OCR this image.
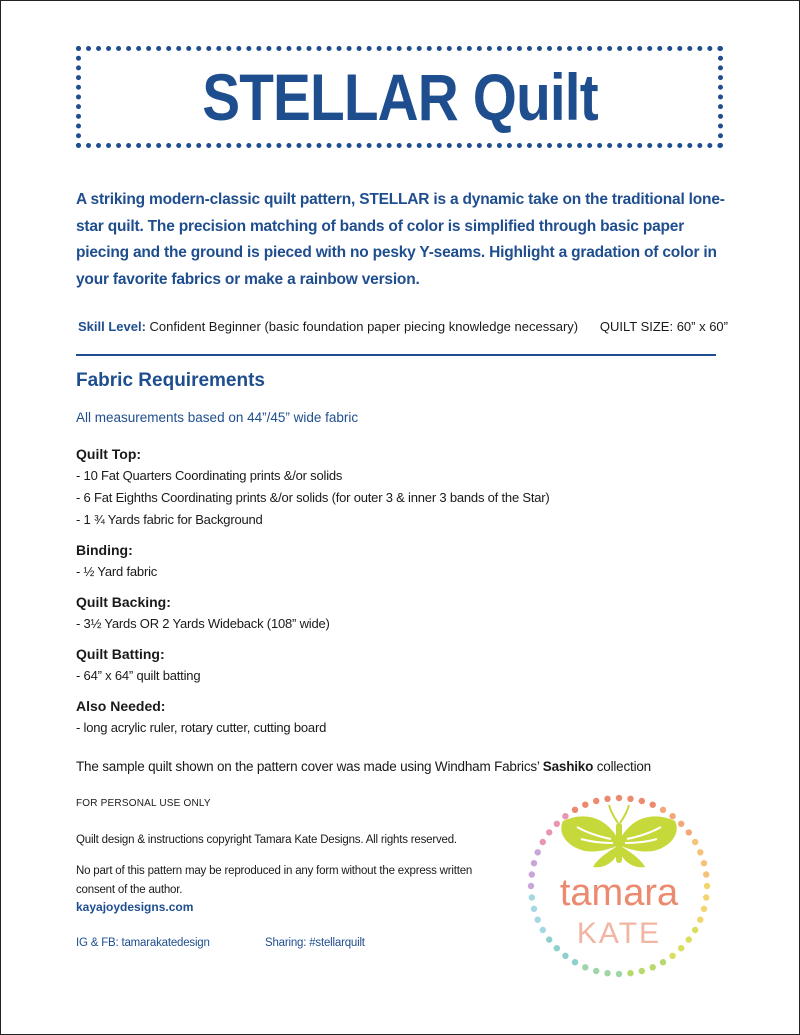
STELLAR Quilt
A striking modern-classic quilt pattern, STELLAR is a dynamic take on the traditional lone-star quilt. The precision matching of bands of color is simplified through basic paper piecing and the ground is pieced with no pesky Y-seams. Highlight a gradation of color in your favorite fabrics or make a rainbow version.
Skill Level: Confident Beginner (basic foundation paper piecing knowledge necessary) QUILT SIZE: 60” x 60”
Fabric Requirements
All measurements based on 44”/45” wide fabric
Quilt Top:
- 10 Fat Quarters Coordinating prints &/or solids
- 6 Fat Eighths Coordinating prints &/or solids (for outer 3 & inner 3 bands of the Star)
- 1 ¾ Yards fabric for Background
Binding:
- ½ Yard fabric
Quilt Backing:
- 3½ Yards OR 2 Yards Wideback (108” wide)
Quilt Batting:
- 64” x 64” quilt batting
Also Needed:
- long acrylic ruler, rotary cutter, cutting board
The sample quilt shown on the pattern cover was made using Windham Fabrics’ Sashiko collection
FOR PERSONAL USE ONLY
Quilt design & instructions copyright Tamara Kate Designs. All rights reserved.
No part of this pattern may be reproduced in any form without the express written consent of the author.
kayajoydesigns.com
IG & FB: tamarakatedesign	Sharing: #stellarquilt
tamara
KATE
